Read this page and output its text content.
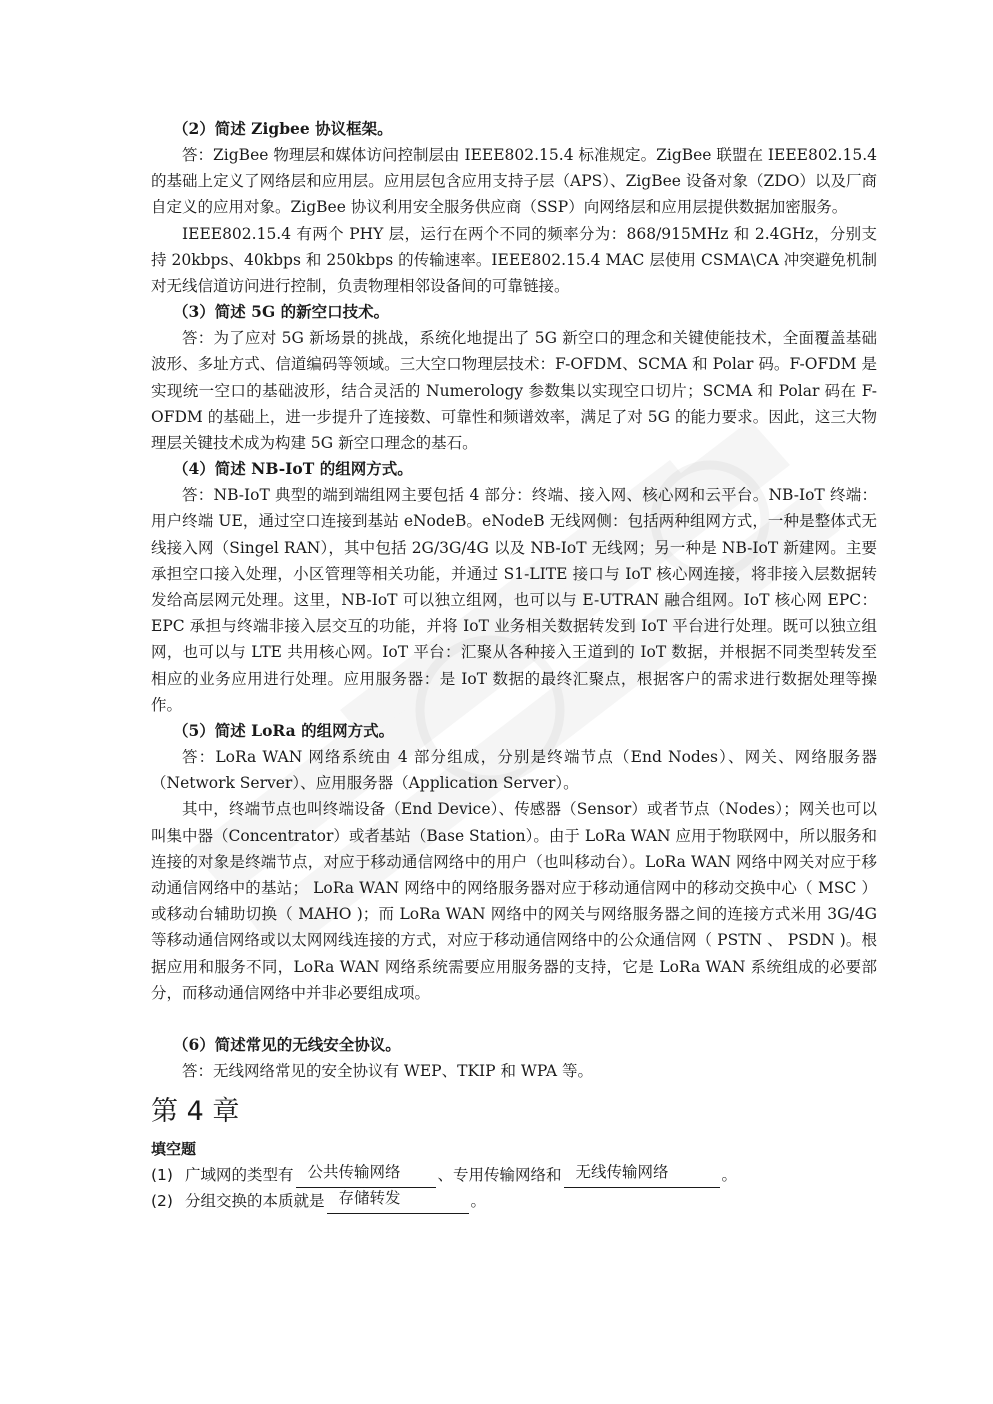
（2）简述 Zigbee 协议框架。

答：ZigBee 物理层和媒体访问控制层由 IEEE802.15.4 标准规定。ZigBee 联盟在 IEEE802.15.4 的基础上定义了网络层和应用层。应用层包含应用支持子层（APS）、ZigBee 设备对象（ZDO）以及厂商自定义的应用对象。ZigBee 协议利用安全服务供应商（SSP）向网络层和应用层提供数据加密服务。

IEEE802.15.4 有两个 PHY 层，运行在两个不同的频率分为：868/915MHz 和 2.4GHz，分别支持 20kbps、40kbps 和 250kbps 的传输速率。IEEE802.15.4 MAC 层使用 CSMA\CA 冲突避免机制对无线信道访问进行控制，负责物理相邻设备间的可靠链接。

（3）简述 5G 的新空口技术。

答：为了应对 5G 新场景的挑战，系统化地提出了 5G 新空口的理念和关键使能技术，全面覆盖基础波形、多址方式、信道编码等领域。三大空口物理层技术：F-OFDM、SCMA 和 Polar 码。F-OFDM 是实现统一空口的基础波形，结合灵活的 Numerology 参数集以实现空口切片；SCMA 和 Polar 码在 F-OFDM 的基础上，进一步提升了连接数、可靠性和频谱效率，满足了对 5G 的能力要求。因此，这三大物理层关键技术成为构建 5G 新空口理念的基石。

（4）简述 NB-IoT 的组网方式。

答：NB-IoT 典型的端到端组网主要包括 4 部分：终端、接入网、核心网和云平台。NB-IoT 终端：用户终端 UE，通过空口连接到基站 eNodeB。eNodeB 无线网侧：包括两种组网方式，一种是整体式无线接入网（Singel RAN），其中包括 2G/3G/4G 以及 NB-IoT 无线网；另一种是 NB-IoT 新建网。主要承担空口接入处理，小区管理等相关功能，并通过 S1-LITE 接口与 IoT 核心网连接，将非接入层数据转发给高层网元处理。这里，NB-IoT 可以独立组网，也可以与 E-UTRAN 融合组网。IoT 核心网 EPC：EPC 承担与终端非接入层交互的功能，并将 IoT 业务相关数据转发到 IoT 平台进行处理。既可以独立组网，也可以与 LTE 共用核心网。IoT 平台：汇聚从各种接入王道到的 IoT 数据，并根据不同类型转发至相应的业务应用进行处理。应用服务器：是 IoT 数据的最终汇聚点，根据客户的需求进行数据处理等操作。

（5）简述 LoRa 的组网方式。

答：LoRa WAN 网络系统由 4 部分组成，分别是终端节点（End Nodes）、网关、网络服务器（Network Server）、应用服务器（Application Server）。

其中，终端节点也叫终端设备（End Device）、传感器（Sensor）或者节点（Nodes）；网关也可以叫集中器（Concentrator）或者基站（Base Station）。由于 LoRa WAN 应用于物联网中，所以服务和连接的对象是终端节点，对应于移动通信网络中的用户（也叫移动台）。LoRa WAN 网络中网关对应于移动通信网络中的基站； LoRa WAN 网络中的网络服务器对应于移动通信网中的移动交换中心（ MSC ）或移动台辅助切换（ MAHO )；而 LoRa WAN 网络中的网关与网络服务器之间的连接方式米用 3G/4G 等移动通信网络或以太网网线连接的方式，对应于移动通信网络中的公众通信网（ PSTN 、 PSDN )。根据应用和服务不同，LoRa WAN 网络系统需要应用服务器的支持，它是 LoRa WAN 系统组成的必要部分，而移动通信网络中并非必要组成项。

（6）简述常见的无线安全协议。

答：无线网络常见的安全协议有 WEP、TKIP 和 WPA 等。

第 4 章
填空题
(1) 广域网的类型有 公共传输网络	、专用传输网络和 无线传输网络	。
(2) 分组交换的本质就是 存储转发	。
